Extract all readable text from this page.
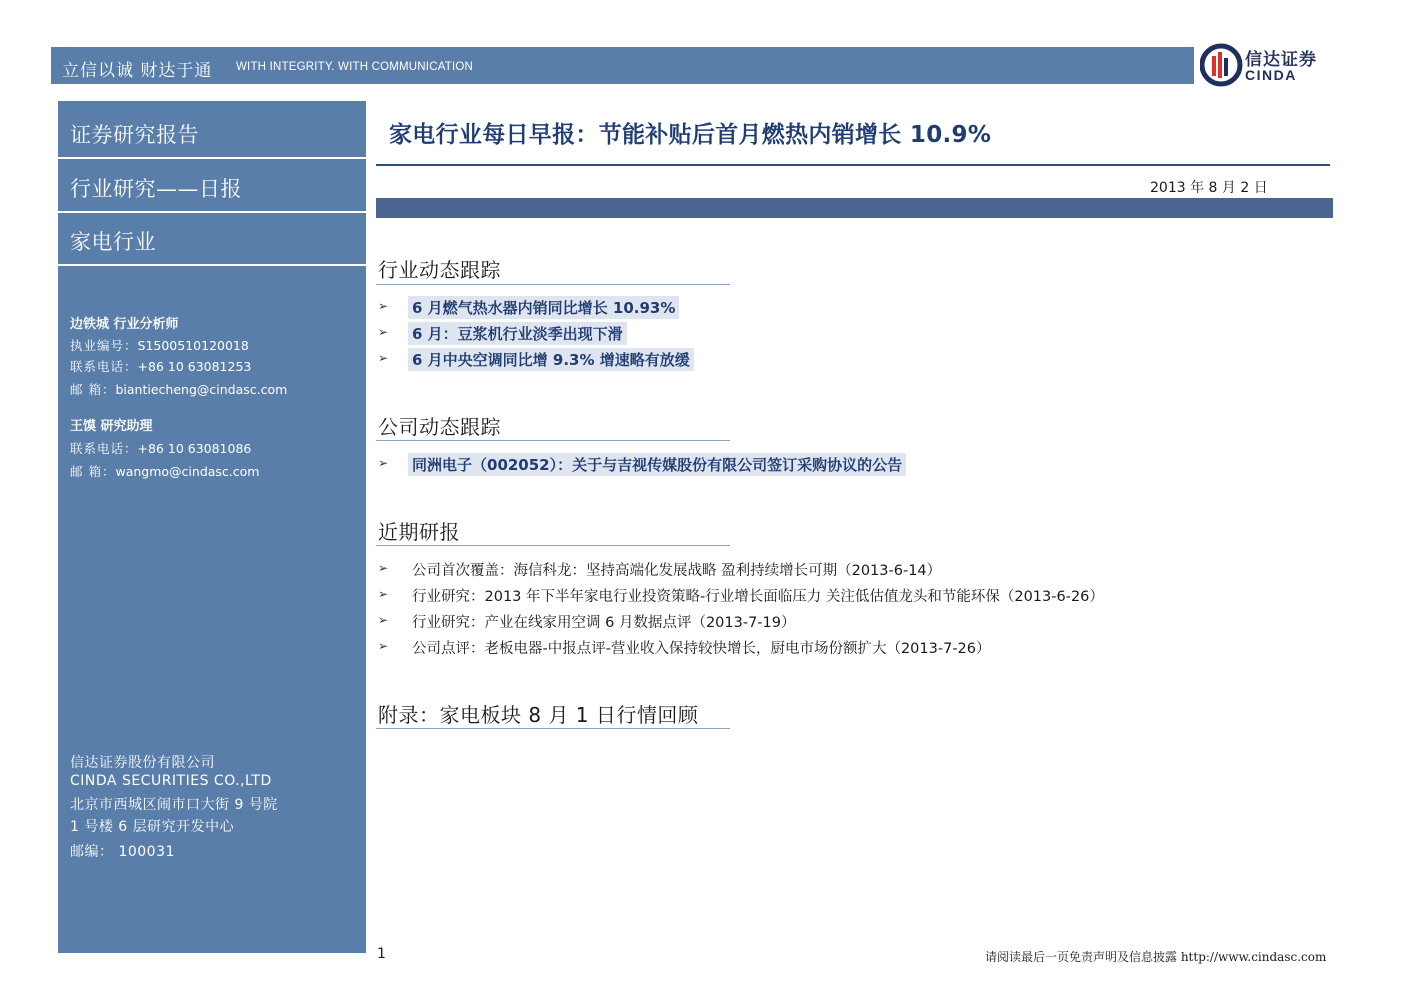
立信以诚 财达于通 WITH INTEGRITY. WITH COMMUNICATION	信达证券
CINDA
证券研究报告
行业研究——日报
家电行业
边铁城 行业分析师
执业编号：S1500510120018
联系电话：+86 10 63081253
邮 箱：biantiecheng@cindasc.com
王馍 研究助理
联系电话：+86 10 63081086
邮 箱：wangmo@cindasc.com
信达证券股份有限公司
CINDA SECURITIES CO.,LTD
北京市西城区闹市口大街 9 号院
1 号楼 6 层研究开发中心
邮编： 100031
家电行业每日早报：节能补贴后首月燃热内销增长 10.9%
2013 年 8 月 2 日
行业动态跟踪
➢ 6 月燃气热水器内销同比增长 10.93%
➢ 6 月：豆浆机行业淡季出现下滑
➢ 6 月中央空调同比增 9.3% 增速略有放缓
公司动态跟踪
➢ 同洲电子（002052）：关于与吉视传媒股份有限公司签订采购协议的公告
近期研报
➢ 公司首次覆盖：海信科龙：坚持高端化发展战略 盈利持续增长可期（2013-6-14）
➢ 行业研究：2013 年下半年家电行业投资策略-行业增长面临压力 关注低估值龙头和节能环保（2013-6-26）
➢ 行业研究：产业在线家用空调 6 月数据点评（2013-7-19）
➢ 公司点评：老板电器-中报点评-营业收入保持较快增长，厨电市场份额扩大（2013-7-26）
附录：家电板块 8 月 1 日行情回顾
1	请阅读最后一页免责声明及信息披露 http://www.cindasc.com
